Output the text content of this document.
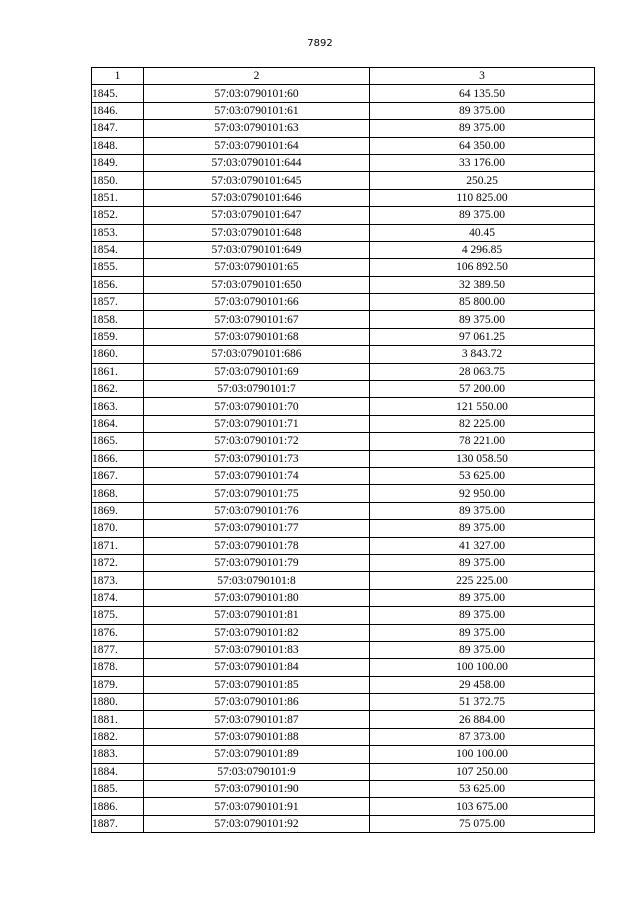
7892
1	2	3
1845.	57:03:0790101:60	64 135.50
1846.	57:03:0790101:61	89 375.00
1847.	57:03:0790101:63	89 375.00
1848.	57:03:0790101:64	64 350.00
1849.	57:03:0790101:644	33 176.00
1850.	57:03:0790101:645	250.25
1851.	57:03:0790101:646	110 825.00
1852.	57:03:0790101:647	89 375.00
1853.	57:03:0790101:648	40.45
1854.	57:03:0790101:649	4 296.85
1855.	57:03:0790101:65	106 892.50
1856.	57:03:0790101:650	32 389.50
1857.	57:03:0790101:66	85 800.00
1858.	57:03:0790101:67	89 375.00
1859.	57:03:0790101:68	97 061.25
1860.	57:03:0790101:686	3 843.72
1861.	57:03:0790101:69	28 063.75
1862.	57:03:0790101:7	57 200.00
1863.	57:03:0790101:70	121 550.00
1864.	57:03:0790101:71	82 225.00
1865.	57:03:0790101:72	78 221.00
1866.	57:03:0790101:73	130 058.50
1867.	57:03:0790101:74	53 625.00
1868.	57:03:0790101:75	92 950.00
1869.	57:03:0790101:76	89 375.00
1870.	57:03:0790101:77	89 375.00
1871.	57:03:0790101:78	41 327.00
1872.	57:03:0790101:79	89 375.00
1873.	57:03:0790101:8	225 225.00
1874.	57:03:0790101:80	89 375.00
1875.	57:03:0790101:81	89 375.00
1876.	57:03:0790101:82	89 375.00
1877.	57:03:0790101:83	89 375.00
1878.	57:03:0790101:84	100 100.00
1879.	57:03:0790101:85	29 458.00
1880.	57:03:0790101:86	51 372.75
1881.	57:03:0790101:87	26 884.00
1882.	57:03:0790101:88	87 373.00
1883.	57:03:0790101:89	100 100.00
1884.	57:03:0790101:9	107 250.00
1885.	57:03:0790101:90	53 625.00
1886.	57:03:0790101:91	103 675.00
1887.	57:03:0790101:92	75 075.00
